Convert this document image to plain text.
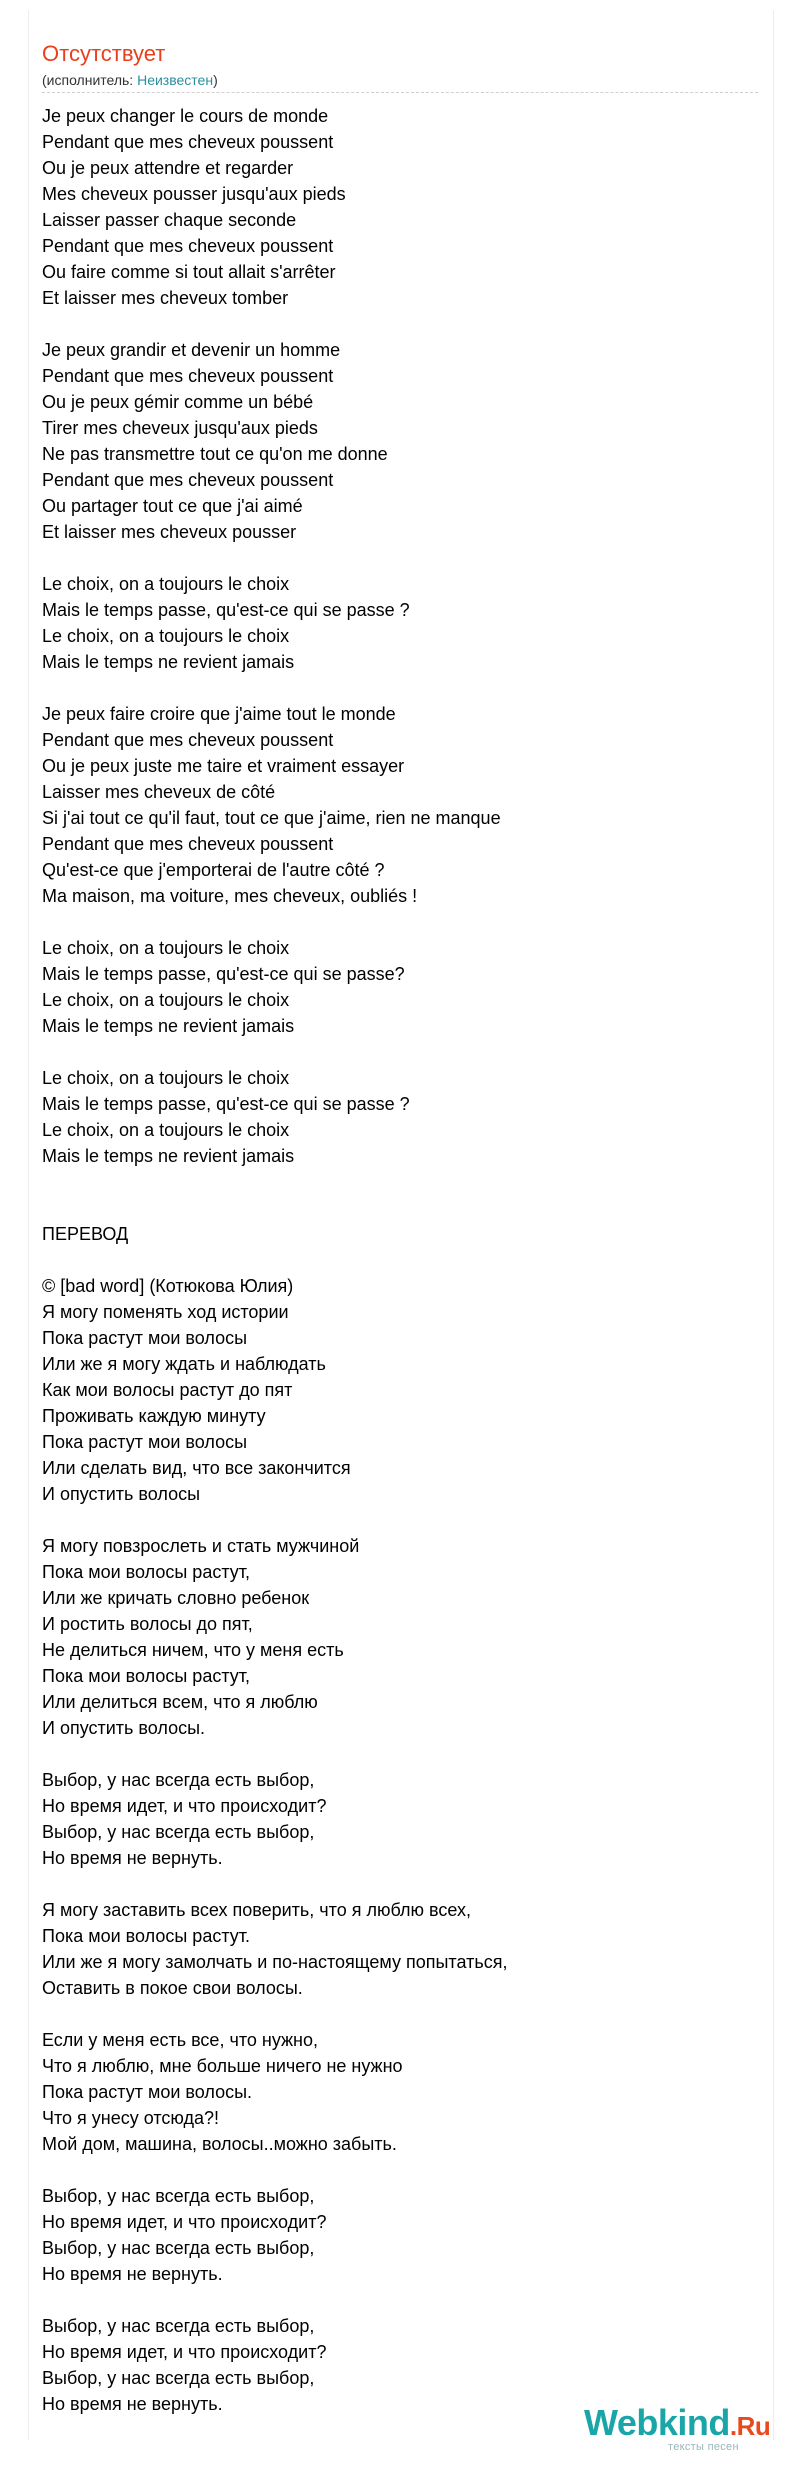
Отсутствует
(исполнитель: Неизвестен)
Je peux changer le cours de monde
Pendant que mes cheveux poussent
Ou je peux attendre et regarder
Mes cheveux pousser jusqu'aux pieds
Laisser passer chaque seconde
Pendant que mes cheveux poussent
Ou faire comme si tout allait s'arrêter
Et laisser mes cheveux tomber
Je peux grandir et devenir un homme
Pendant que mes cheveux poussent
Ou je peux gémir comme un bébé
Tirer mes cheveux jusqu'aux pieds
Ne pas transmettre tout ce qu'on me donne
Pendant que mes cheveux poussent
Ou partager tout ce que j'ai aimé
Et laisser mes cheveux pousser
Le choix, on a toujours le choix
Mais le temps passe, qu'est-ce qui se passe ?
Le choix, on a toujours le choix
Mais le temps ne revient jamais
Je peux faire croire que j'aime tout le monde
Pendant que mes cheveux poussent
Ou je peux juste me taire et vraiment essayer
Laisser mes cheveux de côté
Si j'ai tout ce qu'il faut, tout ce que j'aime, rien ne manque
Pendant que mes cheveux poussent
Qu'est-ce que j'emporterai de l'autre côté ?
Ma maison, ma voiture, mes cheveux, oubliés !
Le choix, on a toujours le choix
Mais le temps passe, qu'est-ce qui se passe?
Le choix, on a toujours le choix
Mais le temps ne revient jamais
Le choix, on a toujours le choix
Mais le temps passe, qu'est-ce qui se passe ?
Le choix, on a toujours le choix
Mais le temps ne revient jamais
ПЕРЕВОД
© [bad word] (Котюкова Юлия)
Я могу поменять ход истории
Пока растут мои волосы
Или же я могу ждать и наблюдать
Как мои волосы растут до пят
Проживать каждую минуту
Пока растут мои волосы
Или сделать вид, что все закончится
И опустить волосы
Я могу повзрослеть и стать мужчиной
Пока мои волосы растут,
Или же кричать словно ребенок
И ростить волосы до пят,
Не делиться ничем, что у меня есть
Пока мои волосы растут,
Или делиться всем, что я люблю
И опустить волосы.
Выбор, у нас всегда есть выбор,
Но время идет, и что происходит?
Выбор, у нас всегда есть выбор,
Но время не вернуть.
Я могу заставить всех поверить, что я люблю всех,
Пока мои волосы растут.
Или же я могу замолчать и по-настоящему попытаться,
Оставить в покое свои волосы.
Если у меня есть все, что нужно,
Что я люблю, мне больше ничего не нужно
Пока растут мои волосы.
Что я унесу отсюда?!
Мой дом, машина, волосы..можно забыть.
Выбор, у нас всегда есть выбор,
Но время идет, и что происходит?
Выбор, у нас всегда есть выбор,
Но время не вернуть.
Выбор, у нас всегда есть выбор,
Но время идет, и что происходит?
Выбор, у нас всегда есть выбор,
Но время не вернуть.	Webkind.Ru
тексты песен
